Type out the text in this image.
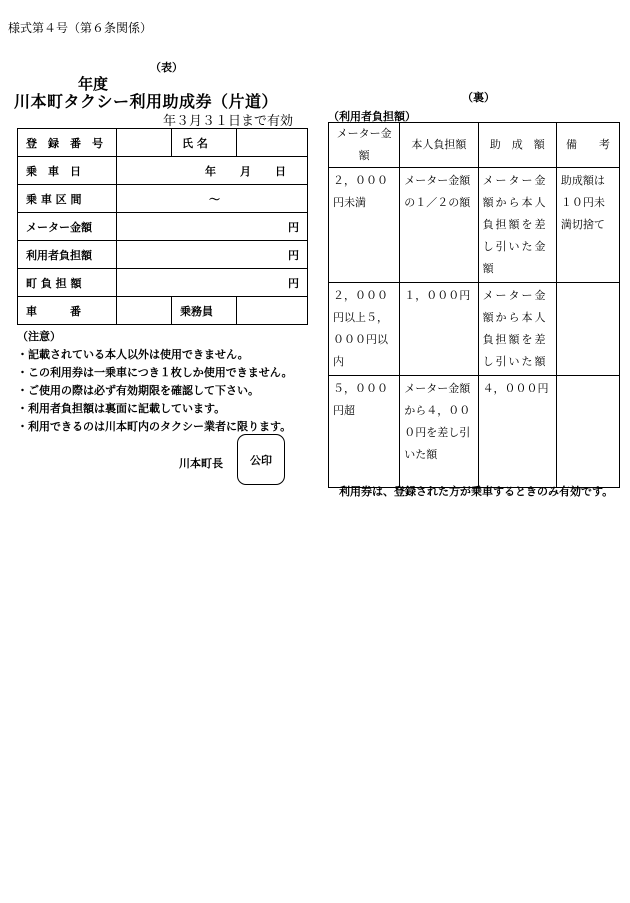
様式第４号（第６条関係）
（表）
年度
川本町タクシー利用助成券（片道）
年３月３１日まで有効
登　録　番　号		氏 名	
乗　車　日	年 月 日		
乗 車 区 間	～		
メーター金額	円		
利用者負担額	円		
町 負 担 額	円		
車　　　番		乗務員	
（注意）
・記載されている本人以外は使用できません。
・この利用券は一乗車につき１枚しか使用できません。
・ご使用の際は必ず有効期限を確認して下さい。
・利用者負担額は裏面に記載しています。
・利用できるのは川本町内のタクシー業者に限ります。
川本町長 公印
（裏）
（利用者負担額）
メーター金額	本人負担額	助　成　額	備　　考
２，０００円未満	メーター金額の１／２の額	メーター金額から本人負担額を差し引いた金額	助成額は１０円未満切捨て
２，０００円以上５，０００円以内	１，０００円	メーター金額から本人負担額を差し引いた額	
５，０００円超	メーター金額から４，０００円を差し引いた額	４，０００円	
利用券は、登録された方が乗車するときのみ有効です。
